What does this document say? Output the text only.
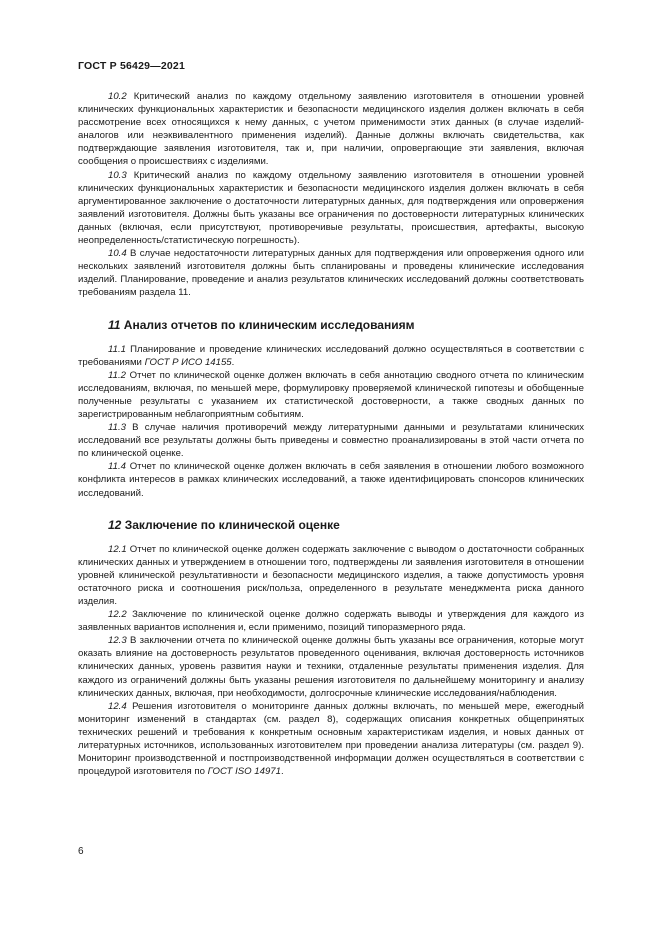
ГОСТ Р 56429—2021

10.2 Критический анализ по каждому отдельному заявлению изготовителя в отношении уровней клинических функциональных характеристик и безопасности медицинского изделия должен включать в себя рассмотрение всех относящихся к нему данных, с учетом применимости этих данных (в случае изделий-аналогов или неэквивалентного применения изделий). Данные должны включать свидетельства, как подтверждающие заявления изготовителя, так и, при наличии, опровергающие эти заявления, включая сообщения о происшествиях с изделиями.

10.3 Критический анализ по каждому отдельному заявлению изготовителя в отношении уровней клинических функциональных характеристик и безопасности медицинского изделия должен включать в себя аргументированное заключение о достаточности литературных данных, для подтверждения или опровержения заявлений изготовителя. Должны быть указаны все ограничения по достоверности литературных клинических данных (включая, если присутствуют, противоречивые результаты, происшествия, артефакты, высокую неопределенность/статистическую погрешность).

10.4 В случае недостаточности литературных данных для подтверждения или опровержения одного или нескольких заявлений изготовителя должны быть спланированы и проведены клинические исследования изделий. Планирование, проведение и анализ результатов клинических исследований должны соответствовать требованиям раздела 11.

11 Анализ отчетов по клиническим исследованиям

11.1 Планирование и проведение клинических исследований должно осуществляться в соответствии с требованиями ГОСТ Р ИСО 14155.

11.2 Отчет по клинической оценке должен включать в себя аннотацию сводного отчета по клиническим исследованиям, включая, по меньшей мере, формулировку проверяемой клинической гипотезы и обобщенные полученные результаты с указанием их статистической достоверности, а также сводных данных по зарегистрированным неблагоприятным событиям.

11.3 В случае наличия противоречий между литературными данными и результатами клинических исследований все результаты должны быть приведены и совместно проанализированы в этой части отчета по по клинической оценке.

11.4 Отчет по клинической оценке должен включать в себя заявления в отношении любого возможного конфликта интересов в рамках клинических исследований, а также идентифицировать спонсоров клинических исследований.

12 Заключение по клинической оценке

12.1 Отчет по клинической оценке должен содержать заключение с выводом о достаточности собранных клинических данных и утверждением в отношении того, подтверждены ли заявления изготовителя в отношении уровней клинической результативности и безопасности медицинского изделия, а также допустимость уровня остаточного риска и соотношения риск/польза, определенного в результате менеджмента риска данного изделия.

12.2 Заключение по клинической оценке должно содержать выводы и утверждения для каждого из заявленных вариантов исполнения и, если применимо, позиций типоразмерного ряда.

12.3 В заключении отчета по клинической оценке должны быть указаны все ограничения, которые могут оказать влияние на достоверность результатов проведенного оценивания, включая достоверность источников клинических данных, уровень развития науки и техники, отдаленные результаты применения изделия. Для каждого из ограничений должны быть указаны решения изготовителя по дальнейшему мониторингу и анализу клинических данных, включая, при необходимости, долгосрочные клинические исследования/наблюдения.

12.4 Решения изготовителя о мониторинге данных должны включать, по меньшей мере, ежегодный мониторинг изменений в стандартах (см. раздел 8), содержащих описания конкретных общепринятых технических решений и требования к конкретным основным характеристикам изделия, и новых данных от литературных источников, использованных изготовителем при проведении анализа литературы (см. раздел 9). Мониторинг производственной и постпроизводственной информации должен осуществляться в соответствии с процедурой изготовителя по ГОСТ ISO 14971.

6
